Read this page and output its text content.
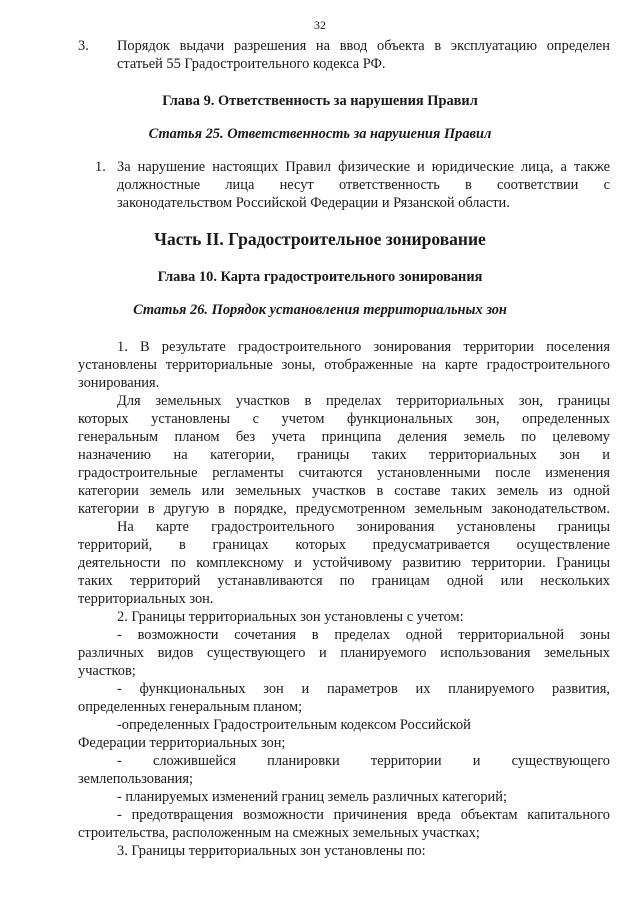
32
3. Порядок выдачи разрешения на ввод объекта в эксплуатацию определен
статьей 55 Градостроительного кодекса РФ.
Глава 9. Ответственность за нарушения Правил
Статья 25. Ответственность за нарушения Правил
1. За нарушение настоящих Правил физические и юридические лица, а также
должностные лица несут ответственность в соответствии с
законодательством Российской Федерации и Рязанской области.
Часть II. Градостроительное зонирование
Глава 10. Карта градостроительного зонирования
Статья 26. Порядок установления территориальных зон
1. В результате градостроительного зонирования территории поселения
установлены территориальные зоны, отображенные на карте градостроительного
зонирования.
Для земельных участков в пределах территориальных зон, границы
которых установлены с учетом функциональных зон, определенных
генеральным планом без учета принципа деления земель по целевому
назначению на категории, границы таких территориальных зон и
градостроительные регламенты считаются установленными после изменения
категории земель или земельных участков в составе таких земель из одной
категории в другую в порядке, предусмотренном земельным законодательством.
На карте градостроительного зонирования установлены границы
территорий, в границах которых предусматривается осуществление
деятельности по комплексному и устойчивому развитию территории. Границы
таких территорий устанавливаются по границам одной или нескольких
территориальных зон.
2. Границы территориальных зон установлены с учетом:
- возможности сочетания в пределах одной территориальной зоны
различных видов существующего и планируемого использования земельных
участков;
- функциональных зон и параметров их планируемого развития,
определенных генеральным планом;
-определенных Градостроительным кодексом Российской
Федерации территориальных зон;
- сложившейся планировки территории и существующего
землепользования;
- планируемых изменений границ земель различных категорий;
- предотвращения возможности причинения вреда объектам капитального
строительства, расположенным на смежных земельных участках;
3. Границы территориальных зон установлены по:
